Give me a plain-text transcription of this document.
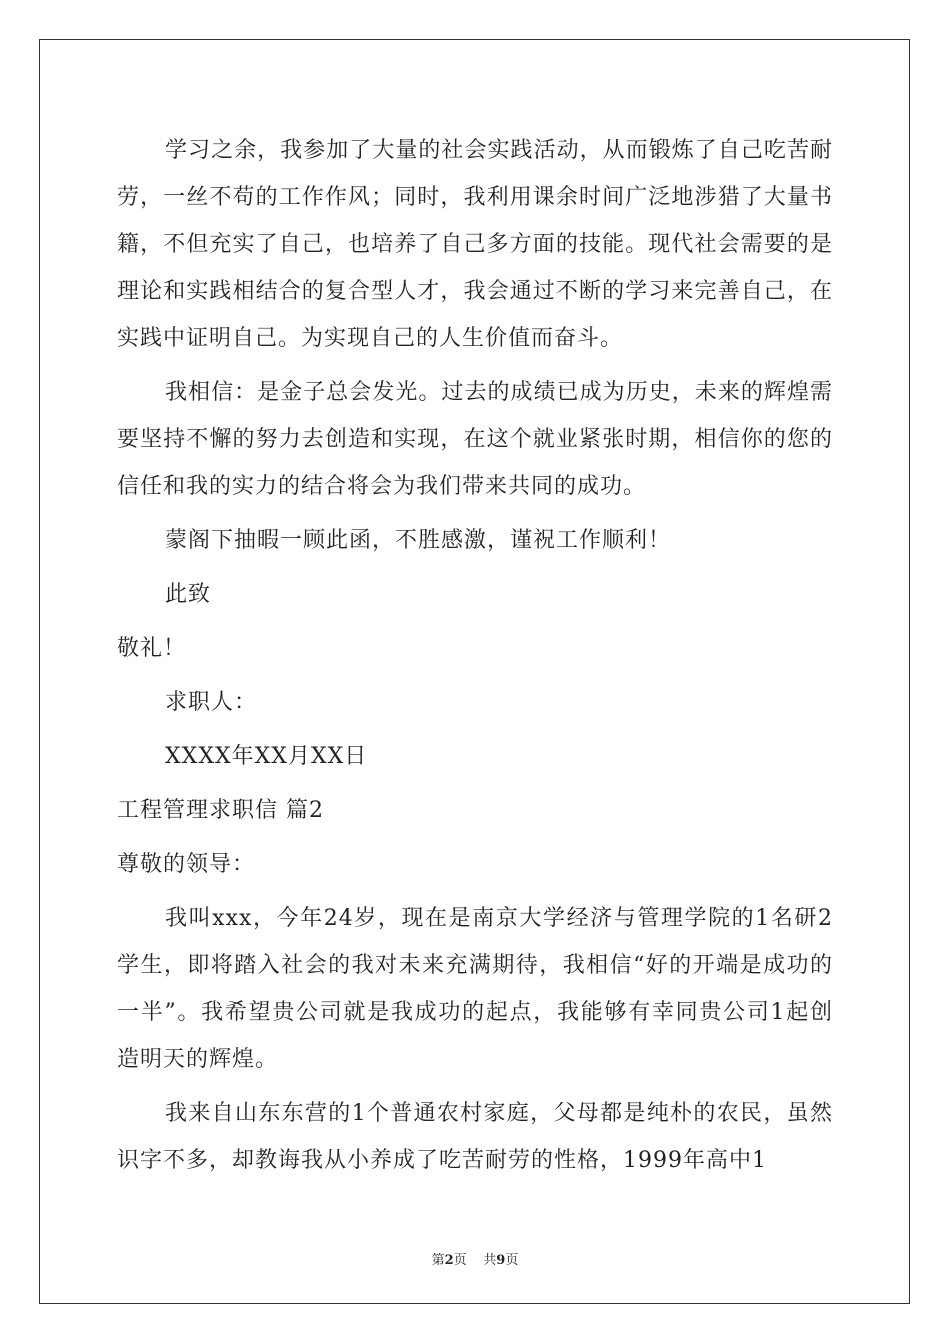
学习之余，我参加了大量的社会实践活动，从而锻炼了自己吃苦耐劳，一丝不苟的工作作风；同时，我利用课余时间广泛地涉猎了大量书籍，不但充实了自己，也培养了自己多方面的技能。现代社会需要的是理论和实践相结合的复合型人才，我会通过不断的学习来完善自己，在实践中证明自己。为实现自己的人生价值而奋斗。

我相信：是金子总会发光。过去的成绩已成为历史，未来的辉煌需要坚持不懈的努力去创造和实现，在这个就业紧张时期，相信你的您的信任和我的实力的结合将会为我们带来共同的成功。

蒙阁下抽暇一顾此函，不胜感激，谨祝工作顺利！

此致

敬礼！

求职人：

XXXX年XX月XX日

工程管理求职信 篇2

尊敬的领导：

我叫xxx，今年24岁，现在是南京大学经济与管理学院的1名研2学生，即将踏入社会的我对未来充满期待，我相信“好的开端是成功的一半”。我希望贵公司就是我成功的起点，我能够有幸同贵公司1起创造明天的辉煌。

我来自山东东营的1个普通农村家庭，父母都是纯朴的农民，虽然识字不多，却教诲我从小养成了吃苦耐劳的性格，1999年高中1

第2页 共9页
